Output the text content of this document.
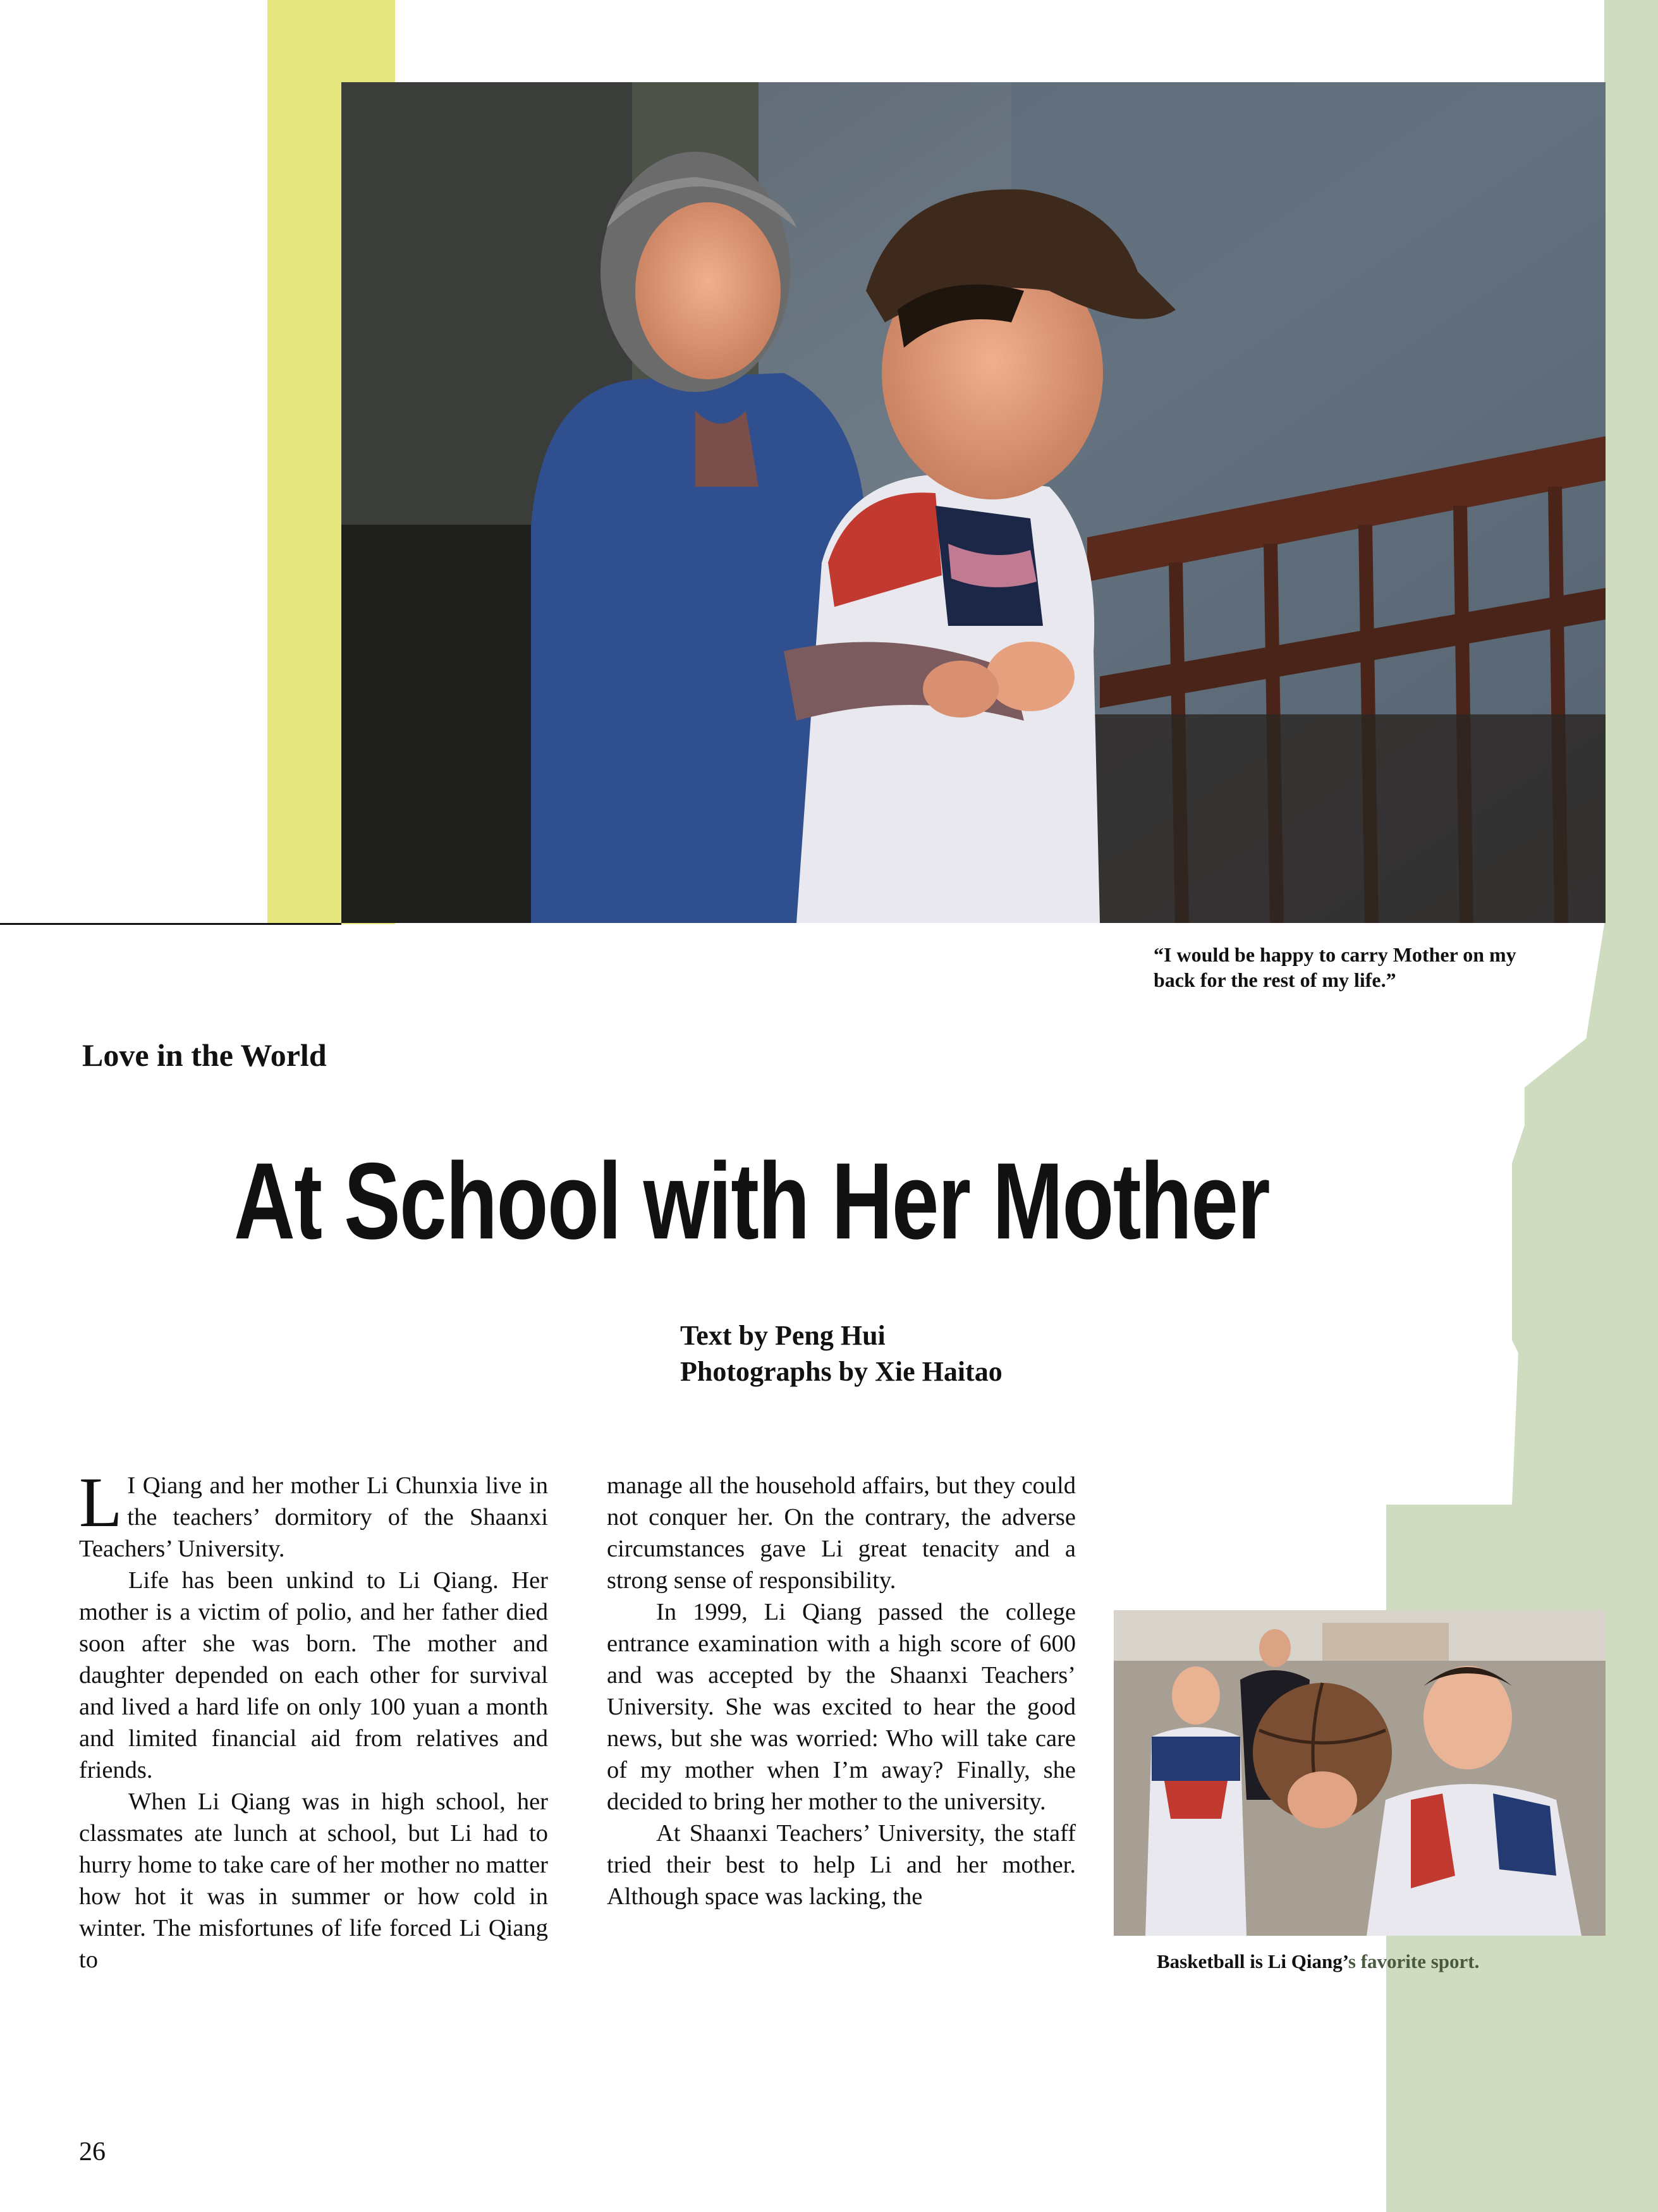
“I would be happy to carry Mother on my back for the rest of my life.”
Love in the World
At School with Her Mother
Text by Peng Hui
Photographs by Xie Haitao

L I Qiang and her mother Li Chunxia live in the teachers’ dormitory of the Shaanxi Teachers’ University.

Life has been unkind to Li Qiang. Her mother is a victim of polio, and her father died soon after she was born. The mother and daughter depended on each other for survival and lived a hard life on only 100 yuan a month and limited financial aid from relatives and friends.

When Li Qiang was in high school, her classmates ate lunch at school, but Li had to hurry home to take care of her mother no matter how hot it was in summer or how cold in winter. The misfortunes of life forced Li Qiang to

manage all the household affairs, but they could not conquer her. On the contrary, the adverse circumstances gave Li great tenacity and a strong sense of responsibility.

In 1999, Li Qiang passed the college entrance examination with a high score of 600 and was accepted by the Shaanxi Teachers’ University. She was excited to hear the good news, but she was worried: Who will take care of my mother when I’m away? Finally, she decided to bring her mother to the university.

At Shaanxi Teachers’ University, the staff tried their best to help Li and her mother. Although space was lacking, the

Basketball is Li Qiang’s favorite sport.
26
